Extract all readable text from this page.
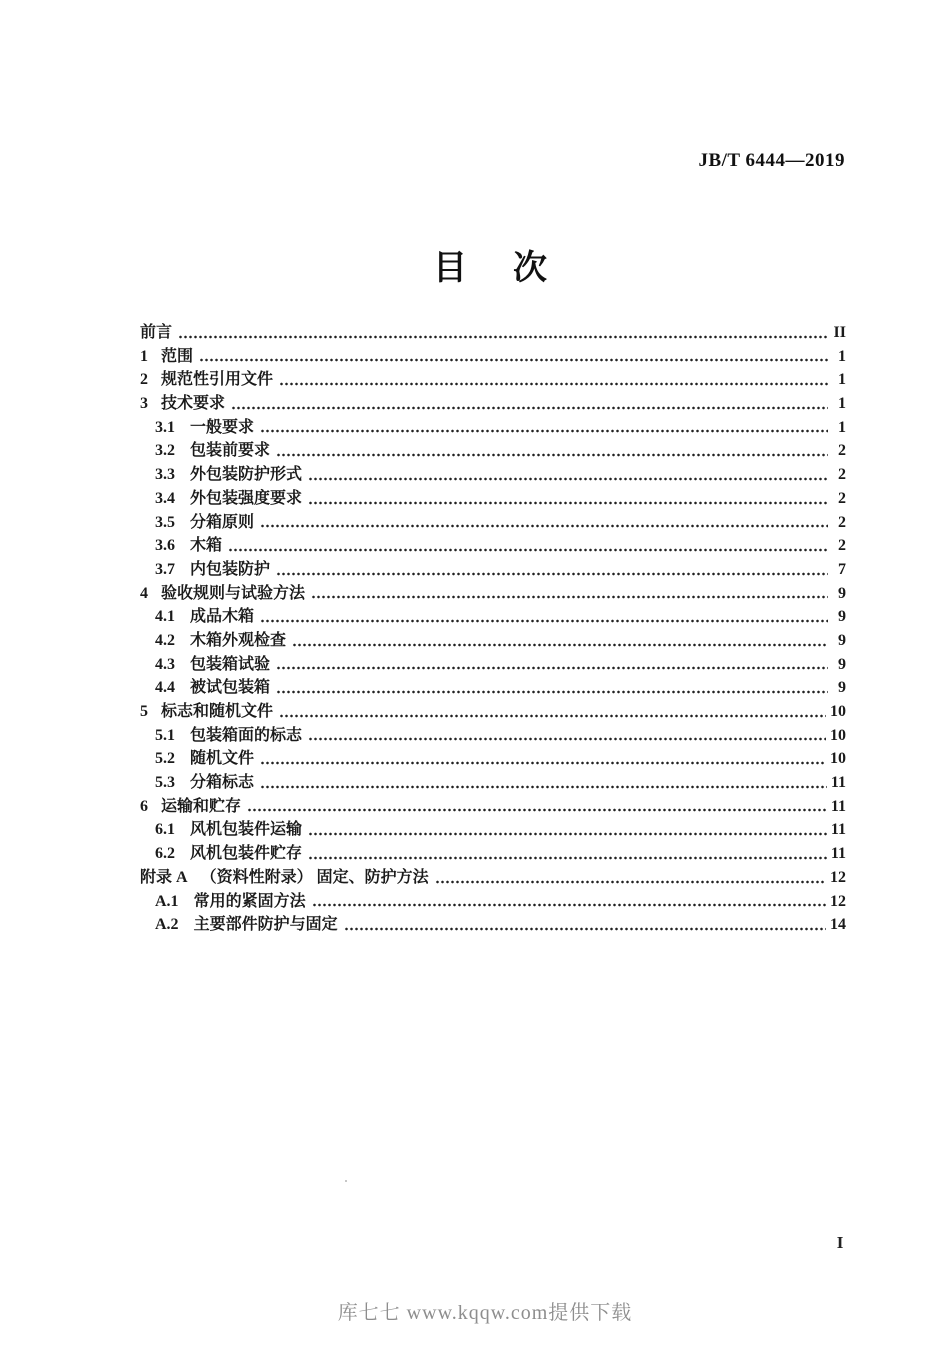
JB/T 6444—2019
目　次
前言	II
1 范围	1
2 规范性引用文件	1
3 技术要求	1
3.1 一般要求	1
3.2 包装前要求	2
3.3 外包装防护形式	2
3.4 外包装强度要求	2
3.5 分箱原则	2
3.6 木箱	2
3.7 内包装防护	7
4 验收规则与试验方法	9
4.1 成品木箱	9
4.2 木箱外观检查	9
4.3 包装箱试验	9
4.4 被试包装箱	9
5 标志和随机文件	10
5.1 包装箱面的标志	10
5.2 随机文件	10
5.3 分箱标志	11
6 运输和贮存	11
6.1 风机包装件运输	11
6.2 风机包装件贮存	11
附录 A （资料性附录） 固定、防护方法	12
A.1 常用的紧固方法	12
A.2 主要部件防护与固定	14
I
库七七 www.kqqw.com提供下载
